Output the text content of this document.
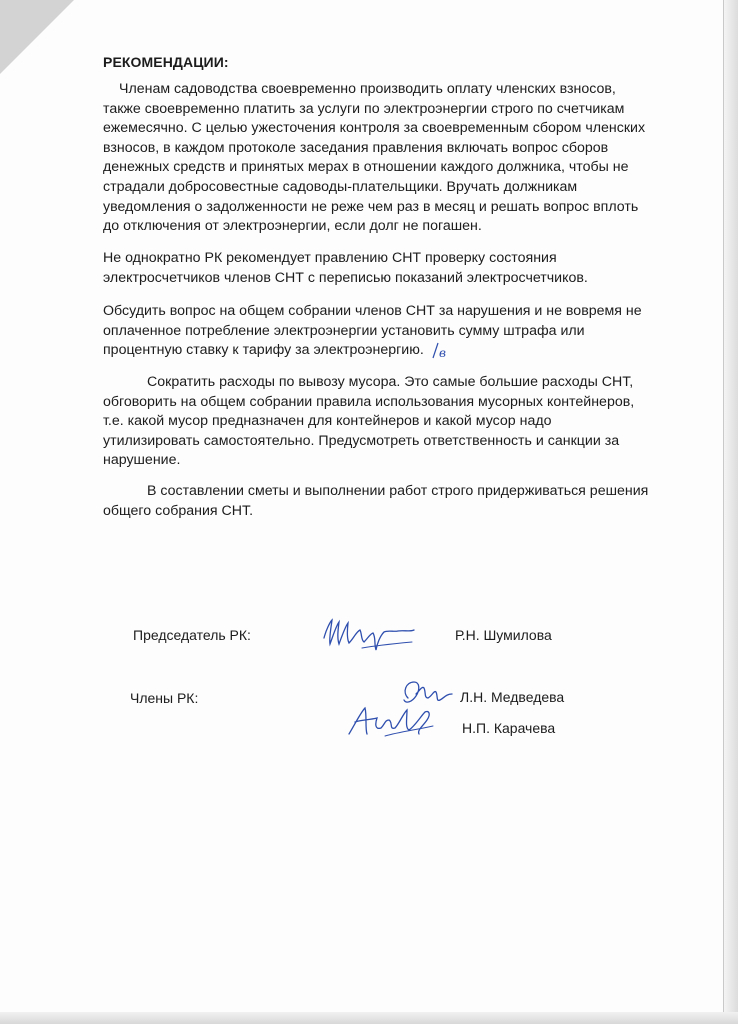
РЕКОМЕНДАЦИИ:

Членам садоводства своевременно производить оплату членских взносов,
также своевременно платить за услуги по электроэнергии строго по счетчикам
ежемесячно. С целью ужесточения контроля за своевременным сбором членских
взносов, в каждом протоколе заседания правления включать вопрос сборов
денежных средств и принятых мерах в отношении каждого должника, чтобы не
страдали добросовестные садоводы-плательщики. Вручать должникам
уведомления о задолженности не реже чем раз в месяц и решать вопрос вплоть
до отключения от электроэнергии, если долг не погашен.

Не однократно РК рекомендует правлению СНТ проверку состояния
электросчетчиков членов СНТ с переписью показаний электросчетчиков.

Обсудить вопрос на общем собрании членов СНТ за нарушения и не вовремя не
оплаченное потребление электроэнергии установить сумму штрафа или
процентную ставку к тарифу за электроэнергию.	в

Сократить расходы по вывозу мусора. Это самые большие расходы СНТ,
обговорить на общем собрании правила использования мусорных контейнеров,
т.е. какой мусор предназначен для контейнеров и какой мусор надо
утилизировать самостоятельно. Предусмотреть ответственность и санкции за
нарушение.

В составлении сметы и выполнении работ строго придерживаться решения
общего собрания СНТ.

Председатель РК:
Члены РК:
Р.Н. Шумилова
Л.Н. Медведева
Н.П. Карачева
